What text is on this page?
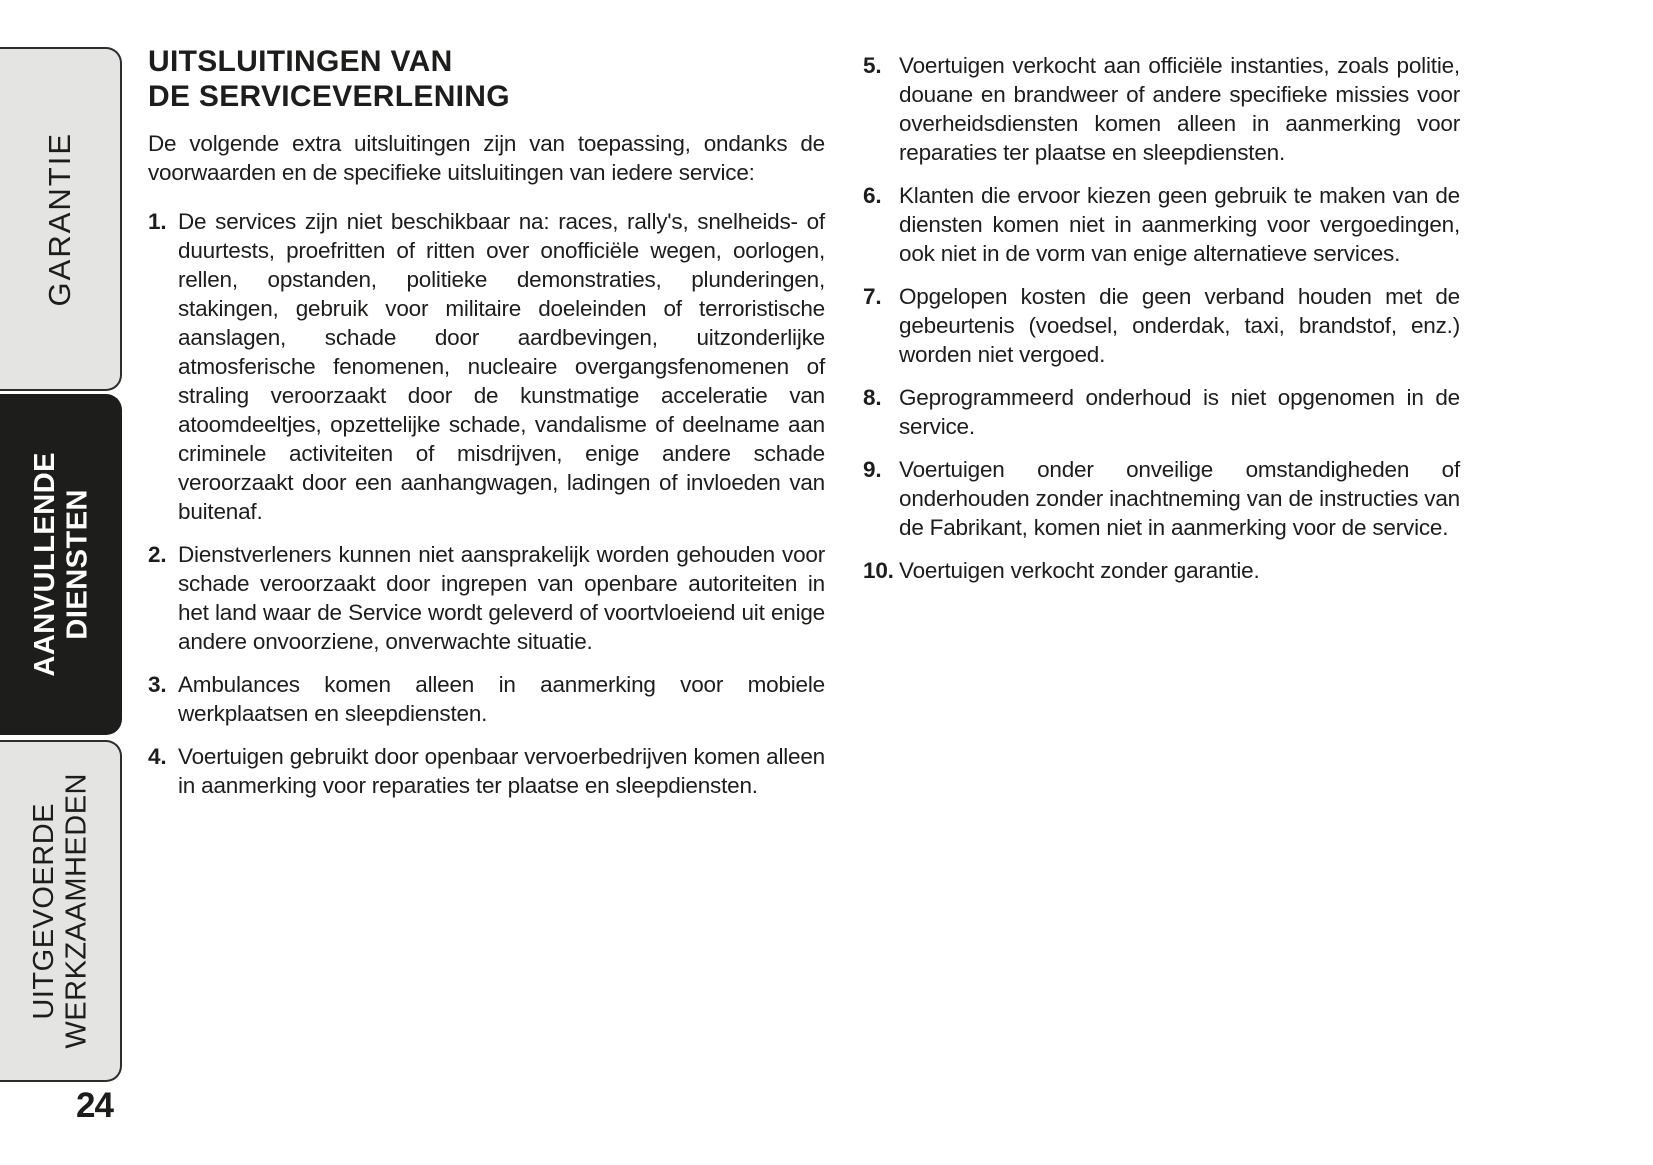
GARANTIE
AANVULLENDE DIENSTEN
UITGEVOERDE WERKZAAMHEDEN
24
UITSLUITINGEN VAN
DE SERVICEVERLENING

De volgende extra uitsluitingen zijn van toepassing, ondanks de voorwaarden en de specifieke uitsluitingen van iedere service:

1. De services zijn niet beschikbaar na: races, rally's, snelheids- of duurtests, proefritten of ritten over onofficiële wegen, oorlogen, rellen, opstanden, politieke demonstraties, plunderingen, stakingen, gebruik voor militaire doeleinden of terroristische aanslagen, schade door aardbevingen, uitzonderlijke atmosferische fenomenen, nucleaire overgangsfenomenen of straling veroorzaakt door de kunstmatige acceleratie van atoomdeeltjes, opzettelijke schade, vandalisme of deelname aan criminele activiteiten of misdrijven, enige andere schade veroorzaakt door een aanhangwagen, ladingen of invloeden van buitenaf.
2. Dienstverleners kunnen niet aansprakelijk worden gehouden voor schade veroorzaakt door ingrepen van openbare autoriteiten in het land waar de Service wordt geleverd of voortvloeiend uit enige andere onvoorziene, onverwachte situatie.
3. Ambulances komen alleen in aanmerking voor mobiele werkplaatsen en sleepdiensten.
4. Voertuigen gebruikt door openbaar vervoerbedrijven komen alleen in aanmerking voor reparaties ter plaatse en sleepdiensten.
5. Voertuigen verkocht aan officiële instanties, zoals politie, douane en brandweer of andere specifieke missies voor overheidsdiensten komen alleen in aanmerking voor reparaties ter plaatse en sleepdiensten.
6. Klanten die ervoor kiezen geen gebruik te maken van de diensten komen niet in aanmerking voor vergoedingen, ook niet in de vorm van enige alternatieve services.
7. Opgelopen kosten die geen verband houden met de gebeurtenis (voedsel, onderdak, taxi, brandstof, enz.) worden niet vergoed.
8. Geprogrammeerd onderhoud is niet opgenomen in de service.
9. Voertuigen onder onveilige omstandigheden of onderhouden zonder inachtneming van de instructies van de Fabrikant, komen niet in aanmerking voor de service.
10. Voertuigen verkocht zonder garantie.
